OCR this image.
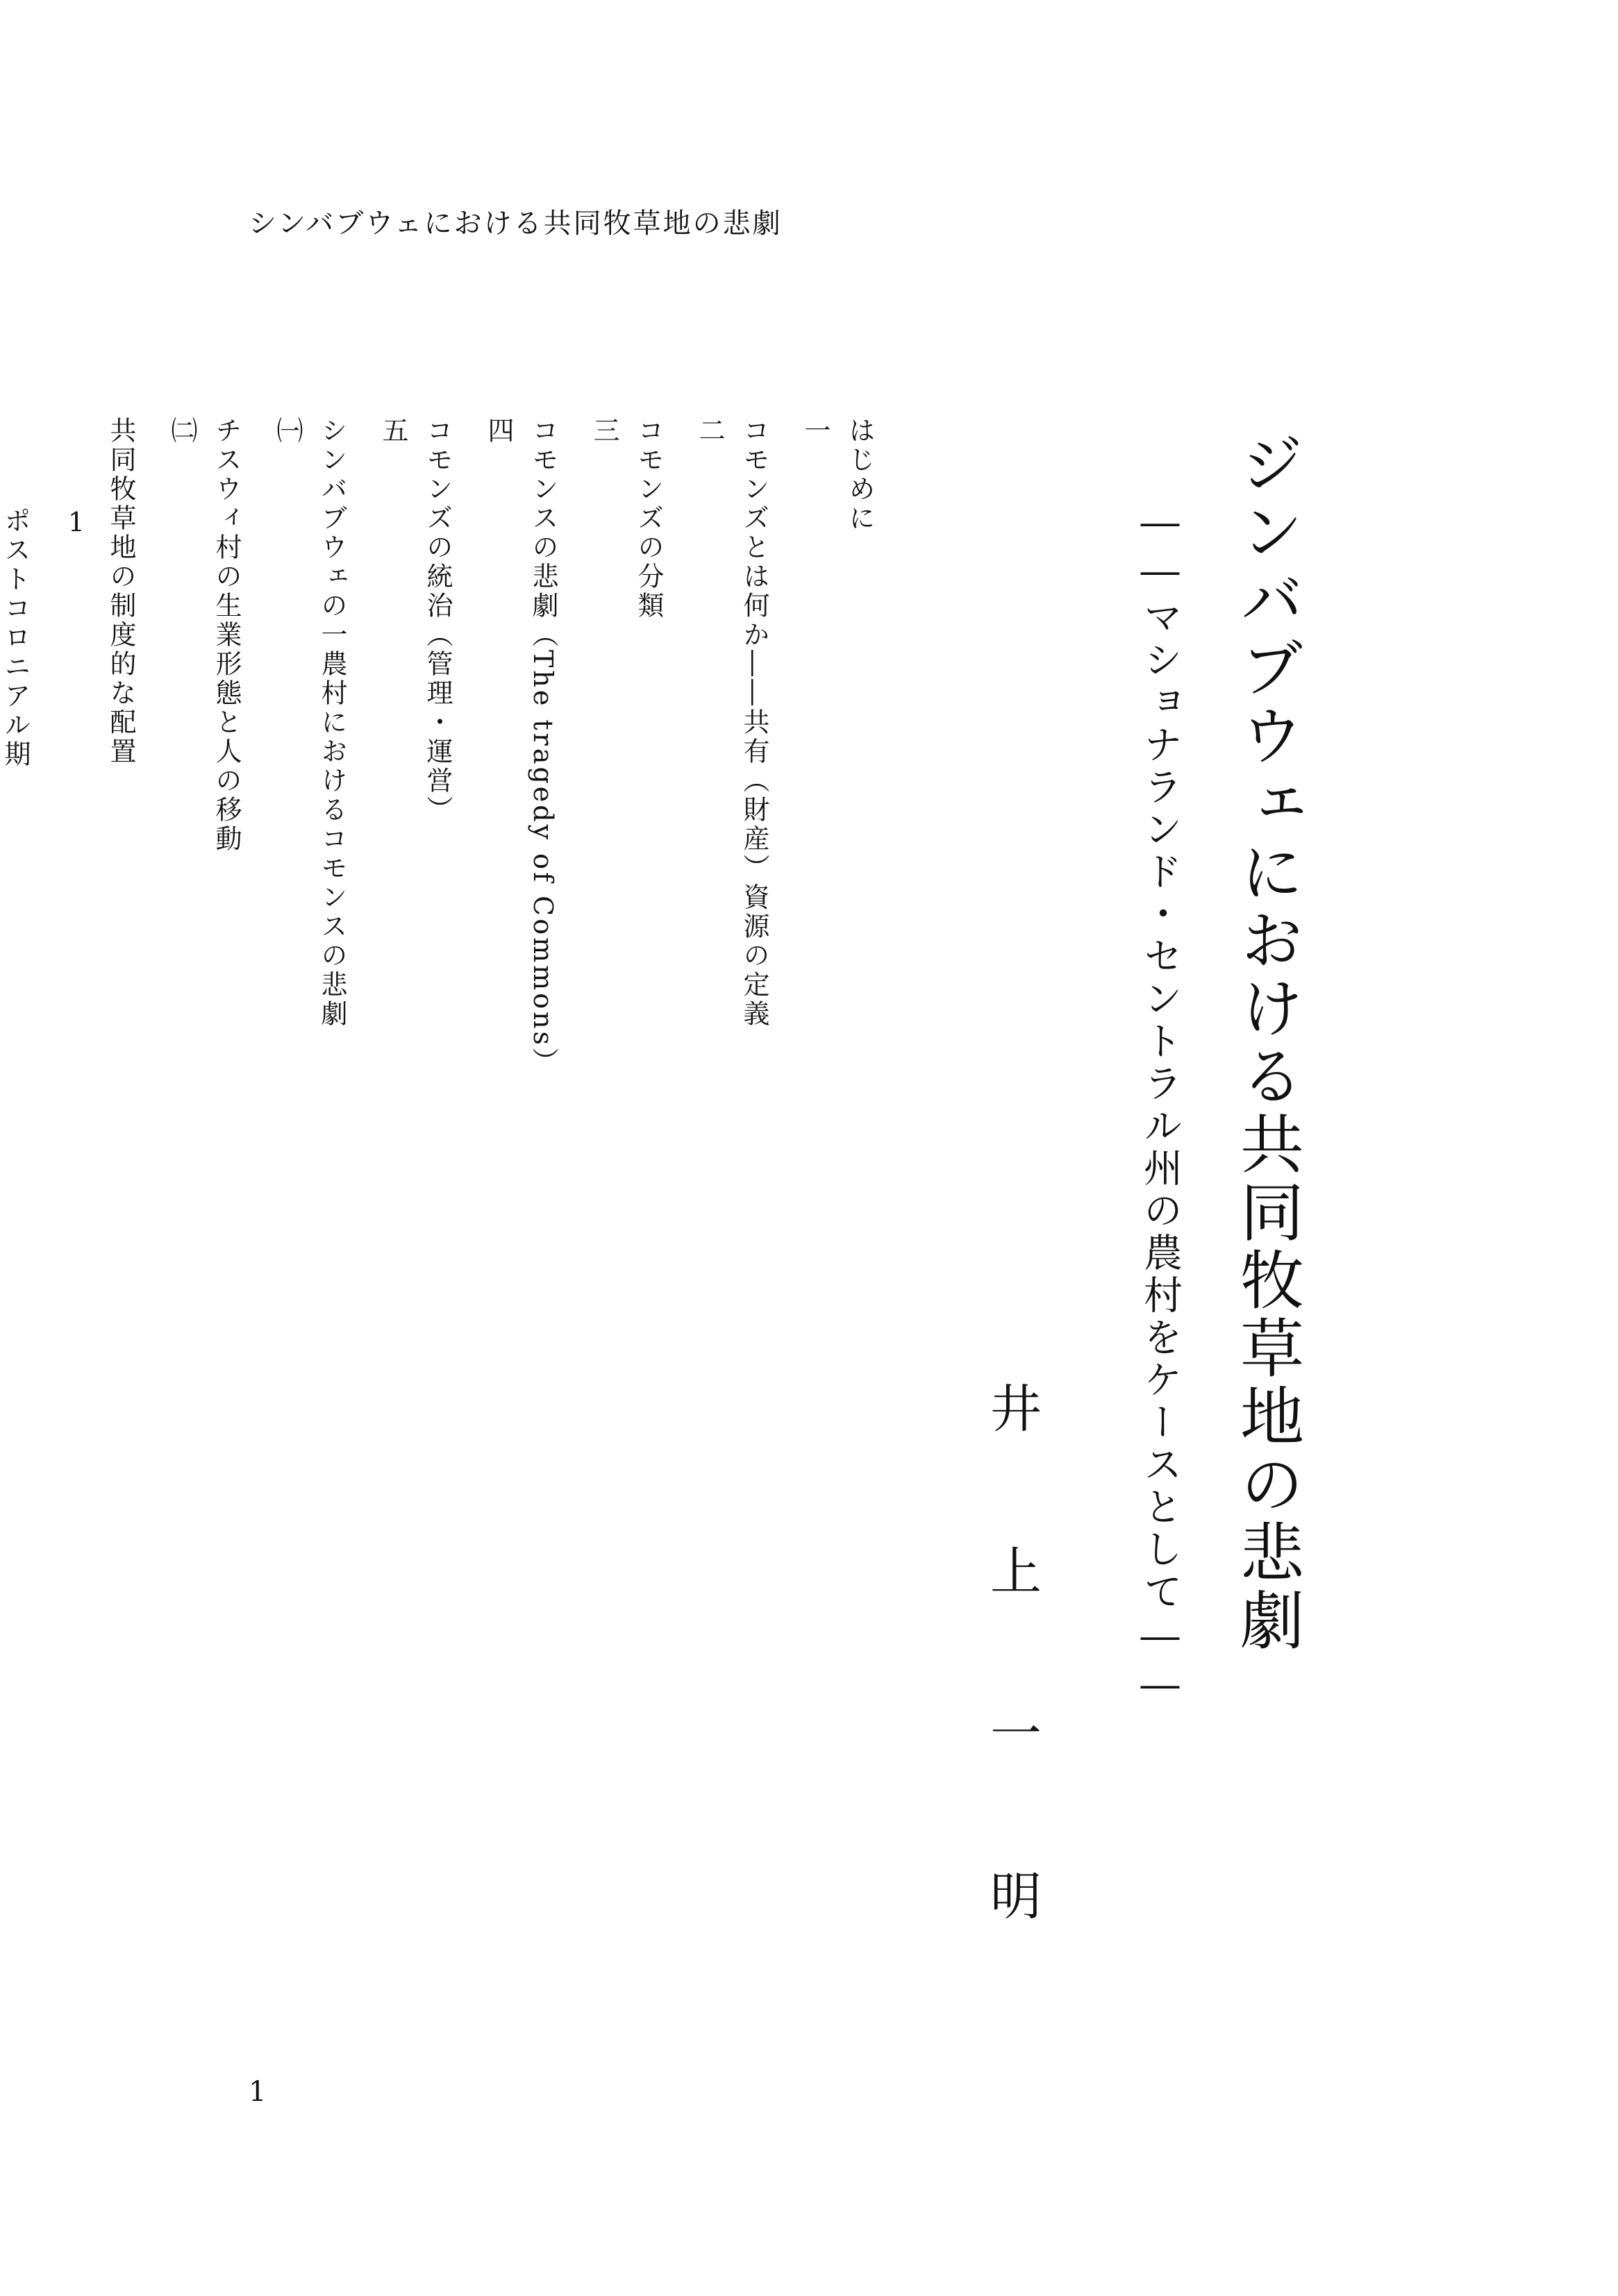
シンバブウェにおける共同牧草地の悲劇
ジンバブウェにおける共同牧草地の悲劇
――マショナランド・セントラル州の農村をケースとして――
井上一明
はじめに
一
コモンズとは何か――共有（財産）資源の定義
二
コモンズの分類
三
コモンスの悲劇（The tragedy of Commons）
四
コモンズの統治（管理・運営）
五
シンバブウェの一農村におけるコモンスの悲劇
㈠
チスウィ村の生業形態と人の移動
㈡
共同牧草地の制度的な配置
1
ポストコロニアル期
1
